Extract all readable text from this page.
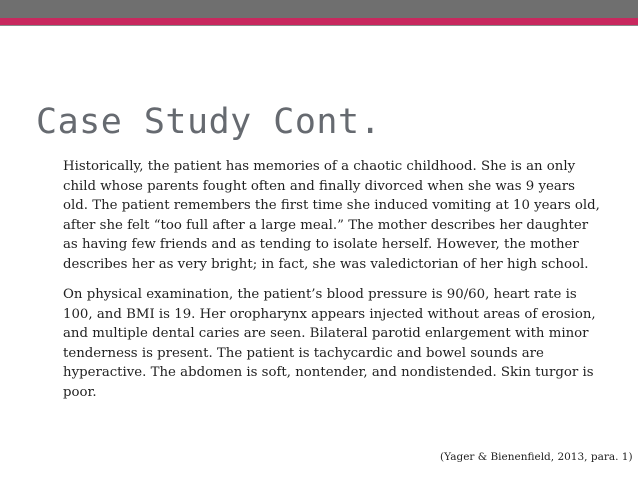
Case Study Cont.

Historically, the patient has memories of a chaotic childhood. She is an only child whose parents fought often and finally divorced when she was 9 years old. The patient remembers the first time she induced vomiting at 10 years old, after she felt “too full after a large meal.” The mother describes her daughter as having few friends and as tending to isolate herself. However, the mother describes her as very bright; in fact, she was valedictorian of her high school.

On physical examination, the patient’s blood pressure is 90/60, heart rate is 100, and BMI is 19. Her oropharynx appears injected without areas of erosion, and multiple dental caries are seen. Bilateral parotid enlargement with minor tenderness is present. The patient is tachycardic and bowel sounds are hyperactive. The abdomen is soft, nontender, and nondistended. Skin turgor is poor.

(Yager & Bienenfield, 2013, para. 1)
